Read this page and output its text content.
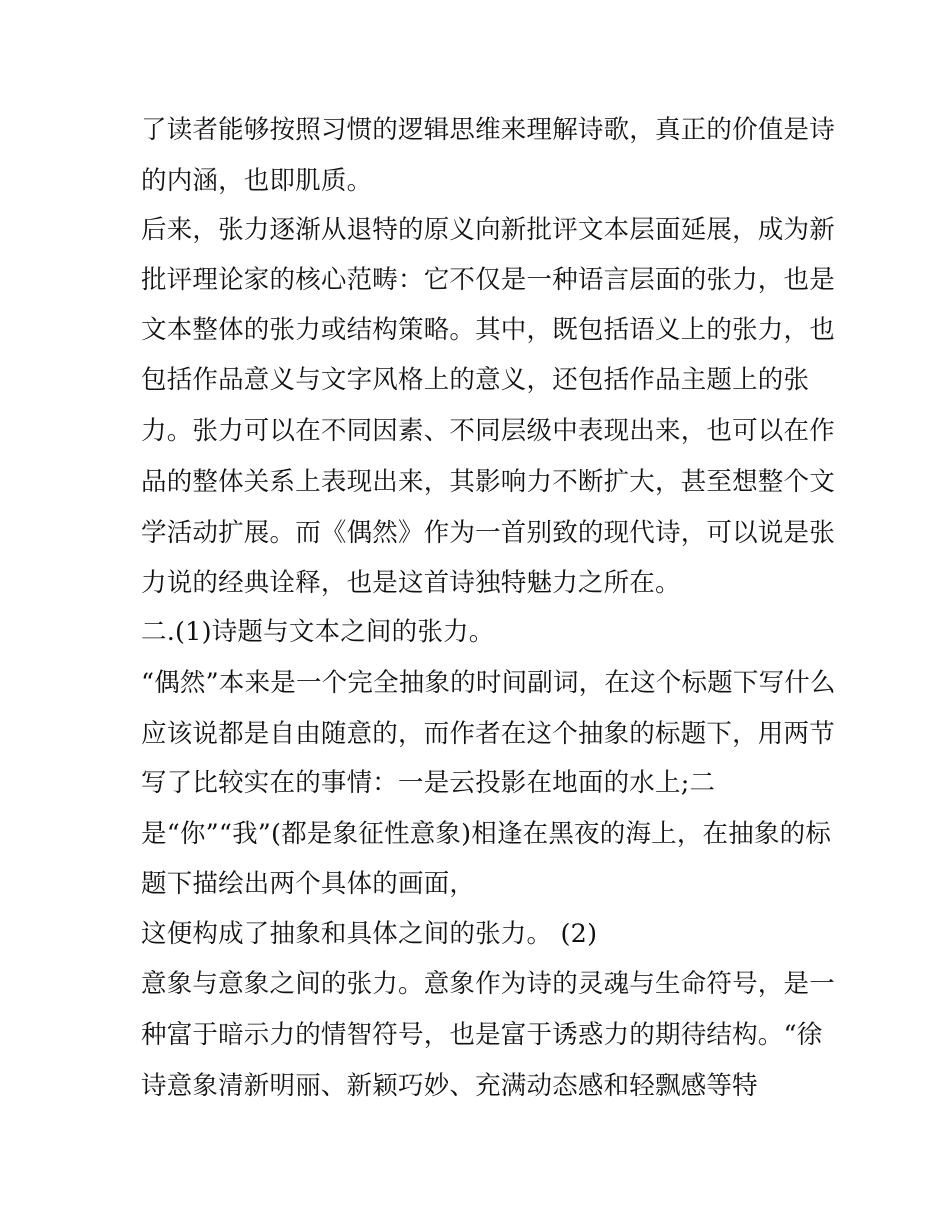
了读者能够按照习惯的逻辑思维来理解诗歌，真正的价值是诗
的内涵，也即肌质。
后来，张力逐渐从退特的原义向新批评文本层面延展，成为新
批评理论家的核心范畴：它不仅是一种语言层面的张力，也是
文本整体的张力或结构策略。其中，既包括语义上的张力，也
包括作品意义与文字风格上的意义，还包括作品主题上的张
力。张力可以在不同因素、不同层级中表现出来，也可以在作
品的整体关系上表现出来，其影响力不断扩大，甚至想整个文
学活动扩展。而《偶然》作为一首别致的现代诗，可以说是张
力说的经典诠释，也是这首诗独特魅力之所在。
二.(1)诗题与文本之间的张力。
“偶然”本来是一个完全抽象的时间副词，在这个标题下写什么
应该说都是自由随意的，而作者在这个抽象的标题下，用两节
写了比较实在的事情：一是云投影在地面的水上;二
是“你”“我”(都是象征性意象)相逢在黑夜的海上，在抽象的标
题下描绘出两个具体的画面，
这便构成了抽象和具体之间的张力。 (2)
意象与意象之间的张力。意象作为诗的灵魂与生命符号，是一
种富于暗示力的情智符号，也是富于诱惑力的期待结构。“徐
诗意象清新明丽、新颖巧妙、充满动态感和轻飘感等特
